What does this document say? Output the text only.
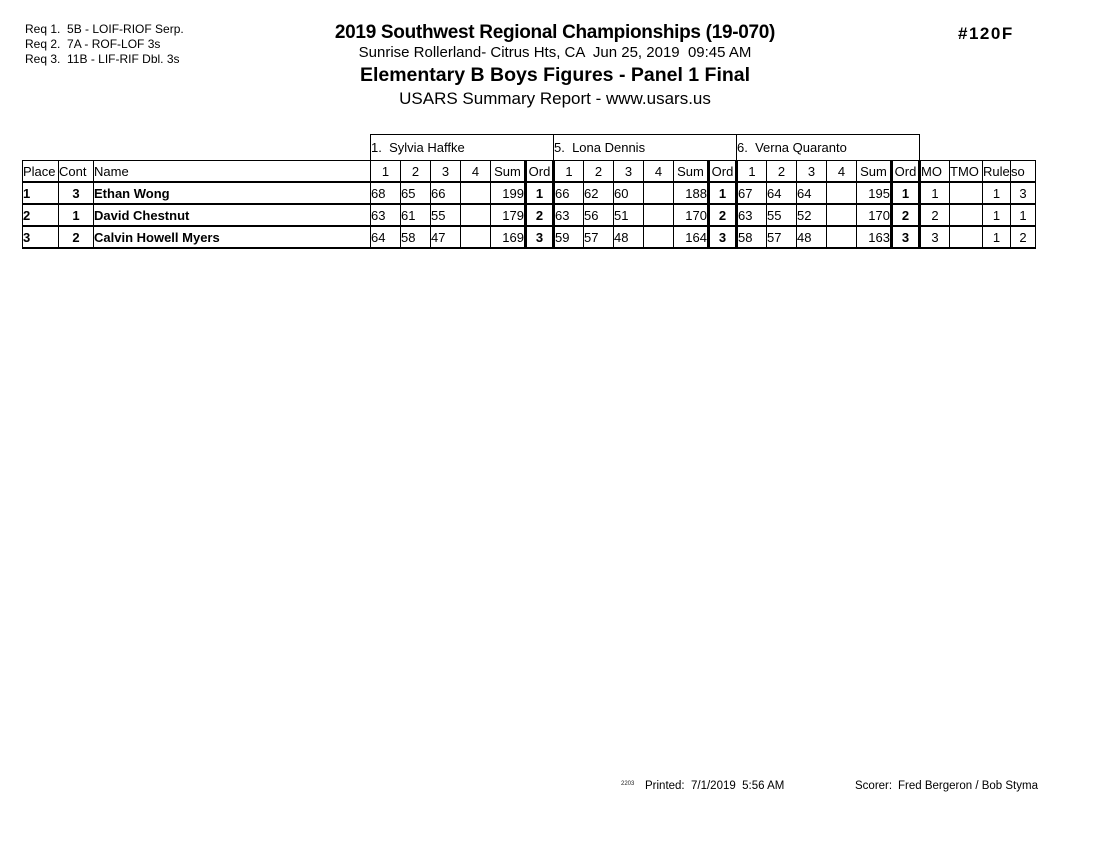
Req 1.  5B - LOIF-RIOF Serp.
Req 2.  7A - ROF-LOF 3s
Req 3.  11B - LIF-RIF Dbl. 3s
2019 Southwest Regional Championships (19-070)
Sunrise Rollerland- Citrus Hts, CA  Jun 25, 2019  09:45 AM
Elementary B Boys Figures - Panel 1 Final
USARS Summary Report - www.usars.us
#120F
			1.  Sylvia Haffke						5.  Lona Dennis						6.  Verna Quaranto									
Place	Cont	Name	1	2	3	4	Sum	Ord	1	2	3	4	Sum	Ord	1	2	3	4	Sum	Ord	MO	TMO	Rule	so
1	3	Ethan Wong	68	65	66		199	1	66	62	60		188	1	67	64	64		195	1	1		1	3
2	1	David Chestnut	63	61	55		179	2	63	56	51		170	2	63	55	52		170	2	2		1	1
3	2	Calvin Howell Myers	64	58	47		169	3	59	57	48		164	3	58	57	48		163	3	3		1	2
2203 Printed: 7/1/2019  5:56 AM	Scorer: Fred Bergeron / Bob Styma
